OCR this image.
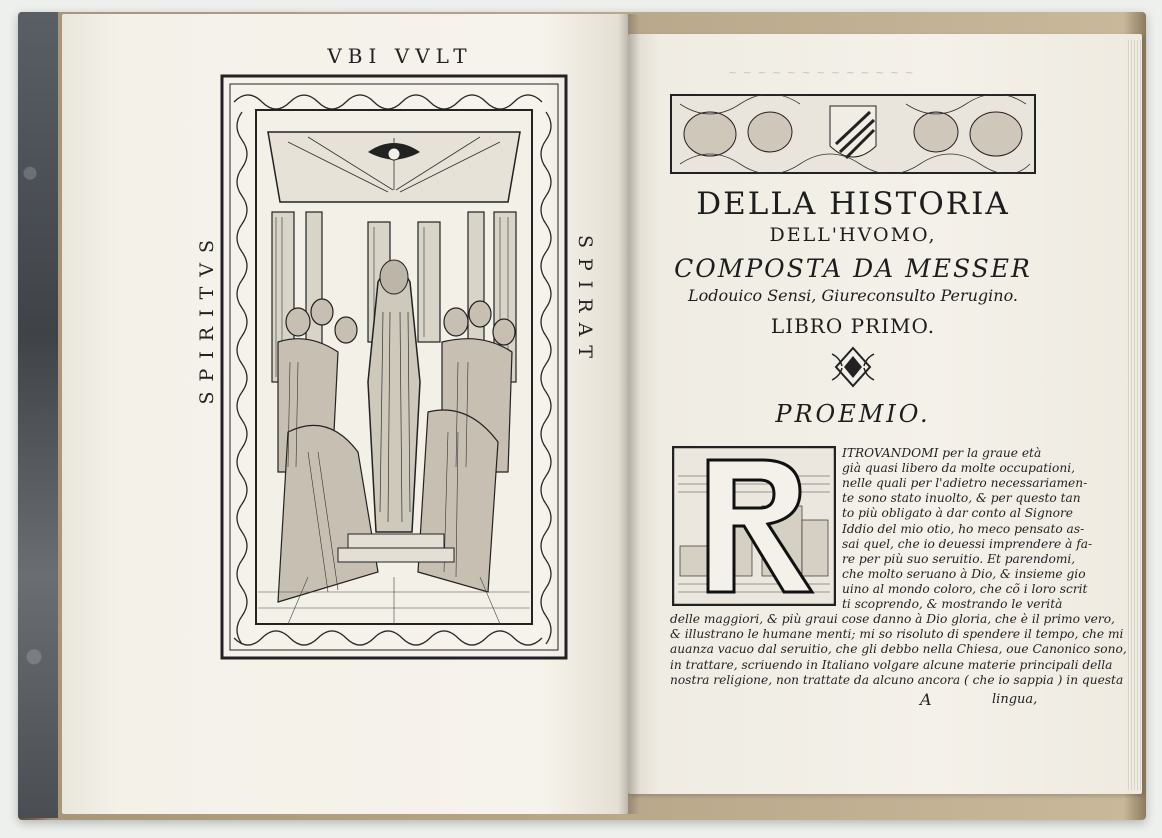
VBI VVLT
SPIRITVS	SPIRAT
~ ~ ~ ~ ~ ~ ~ ~ ~ ~ ~ ~ ~
DELLA HISTORIA
DELL'HVOMO,
COMPOSTA DA MESSER
Lodouico Sensi, Giureconsulto Perugino.
LIBRO PRIMO.
PROEMIO.
ITROVANDOMI per la graue età
già quasi libero da molte occupationi,
nelle quali per l'adietro necessariamen-
te sono stato inuolto, & per questo tan
to più obligato à dar conto al Signore
Iddio del mio otio, ho meco pensato as-
sai quel, che io deuessi imprendere à fa-
re per più suo seruitio. Et parendomi,
che molto seruano à Dio, & insieme gio
uino al mondo coloro, che cõ i loro scrit
ti scoprendo, & mostrando le verità
delle maggiori, & più graui cose danno à Dio gloria, che è il primo vero,
& illustrano le humane menti; mi so risoluto di spendere il tempo, che mi
auanza vacuo dal seruitio, che gli debbo nella Chiesa, oue Canonico sono,
in trattare, scriuendo in Italiano volgare alcune materie principali della
nostra religione, non trattate da alcuno ancora ( che io sappia ) in questa
A	lingua,
